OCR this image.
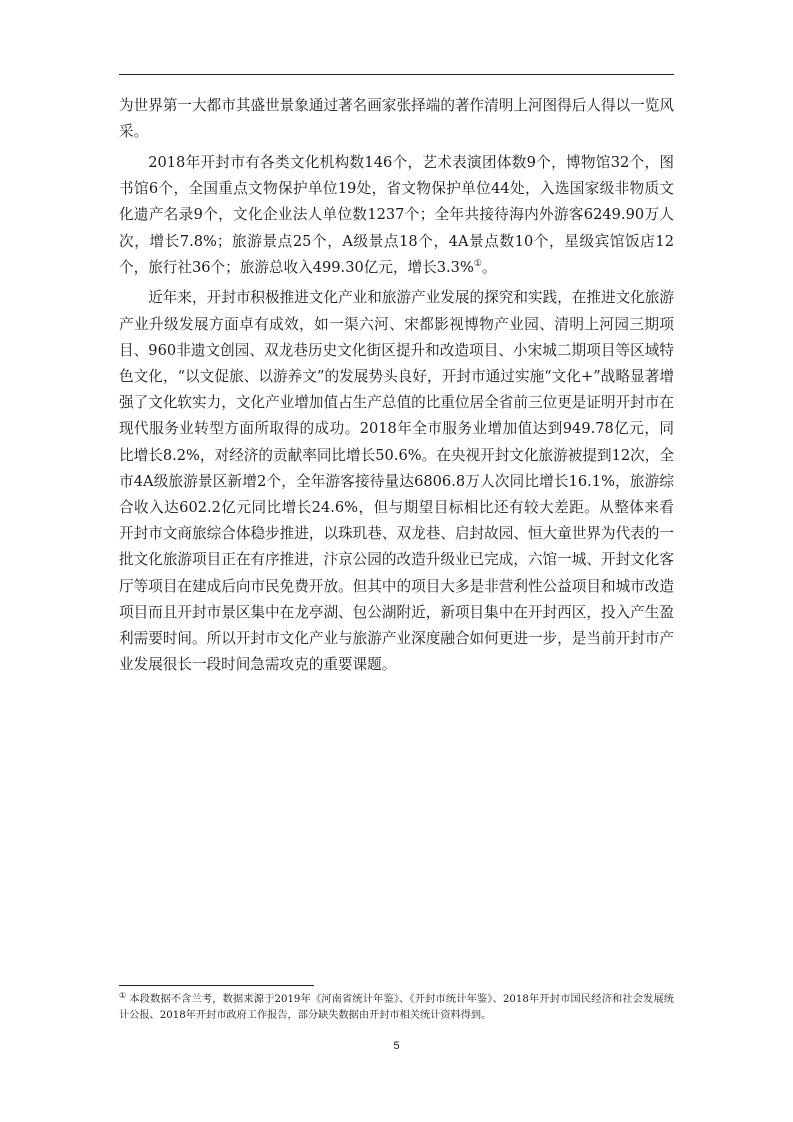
为世界第一大都市其盛世景象通过著名画家张择端的著作清明上河图得后人得以一览风采。

2018年开封市有各类文化机构数146个，艺术表演团体数9个，博物馆32个，图书馆6个，全国重点文物保护单位19处，省文物保护单位44处，入选国家级非物质文化遗产名录9个，文化企业法人单位数1237个；全年共接待海内外游客6249.90万人次，增长7.8%；旅游景点25个，A级景点18个，4A景点数10个，星级宾馆饭店12个，旅行社36个；旅游总收入499.30亿元，增长3.3%①。

近年来，开封市积极推进文化产业和旅游产业发展的探究和实践，在推进文化旅游产业升级发展方面卓有成效，如一渠六河、宋都影视博物产业园、清明上河园三期项目、960非遗文创园、双龙巷历史文化街区提升和改造项目、小宋城二期项目等区域特色文化，“以文促旅、以游养文”的发展势头良好，开封市通过实施“文化+”战略显著增强了文化软实力，文化产业增加值占生产总值的比重位居全省前三位更是证明开封市在现代服务业转型方面所取得的成功。2018年全市服务业增加值达到949.78亿元，同比增长8.2%，对经济的贡献率同比增长50.6%。在央视开封文化旅游被提到12次，全市4A级旅游景区新增2个，全年游客接待量达6806.8万人次同比增长16.1%，旅游综合收入达602.2亿元同比增长24.6%，但与期望目标相比还有较大差距。从整体来看开封市文商旅综合体稳步推进，以珠玑巷、双龙巷、启封故园、恒大童世界为代表的一批文化旅游项目正在有序推进，汴京公园的改造升级业已完成，六馆一城、开封文化客厅等项目在建成后向市民免费开放。但其中的项目大多是非营利性公益项目和城市改造项目而且开封市景区集中在龙亭湖、包公湖附近，新项目集中在开封西区，投入产生盈利需要时间。所以开封市文化产业与旅游产业深度融合如何更进一步，是当前开封市产业发展很长一段时间急需攻克的重要课题。

① 本段数据不含兰考，数据来源于2019年《河南省统计年鉴》、《开封市统计年鉴》、2018年开封市国民经济和社会发展统计公报、2018年开封市政府工作报告，部分缺失数据由开封市相关统计资料得到。
5
